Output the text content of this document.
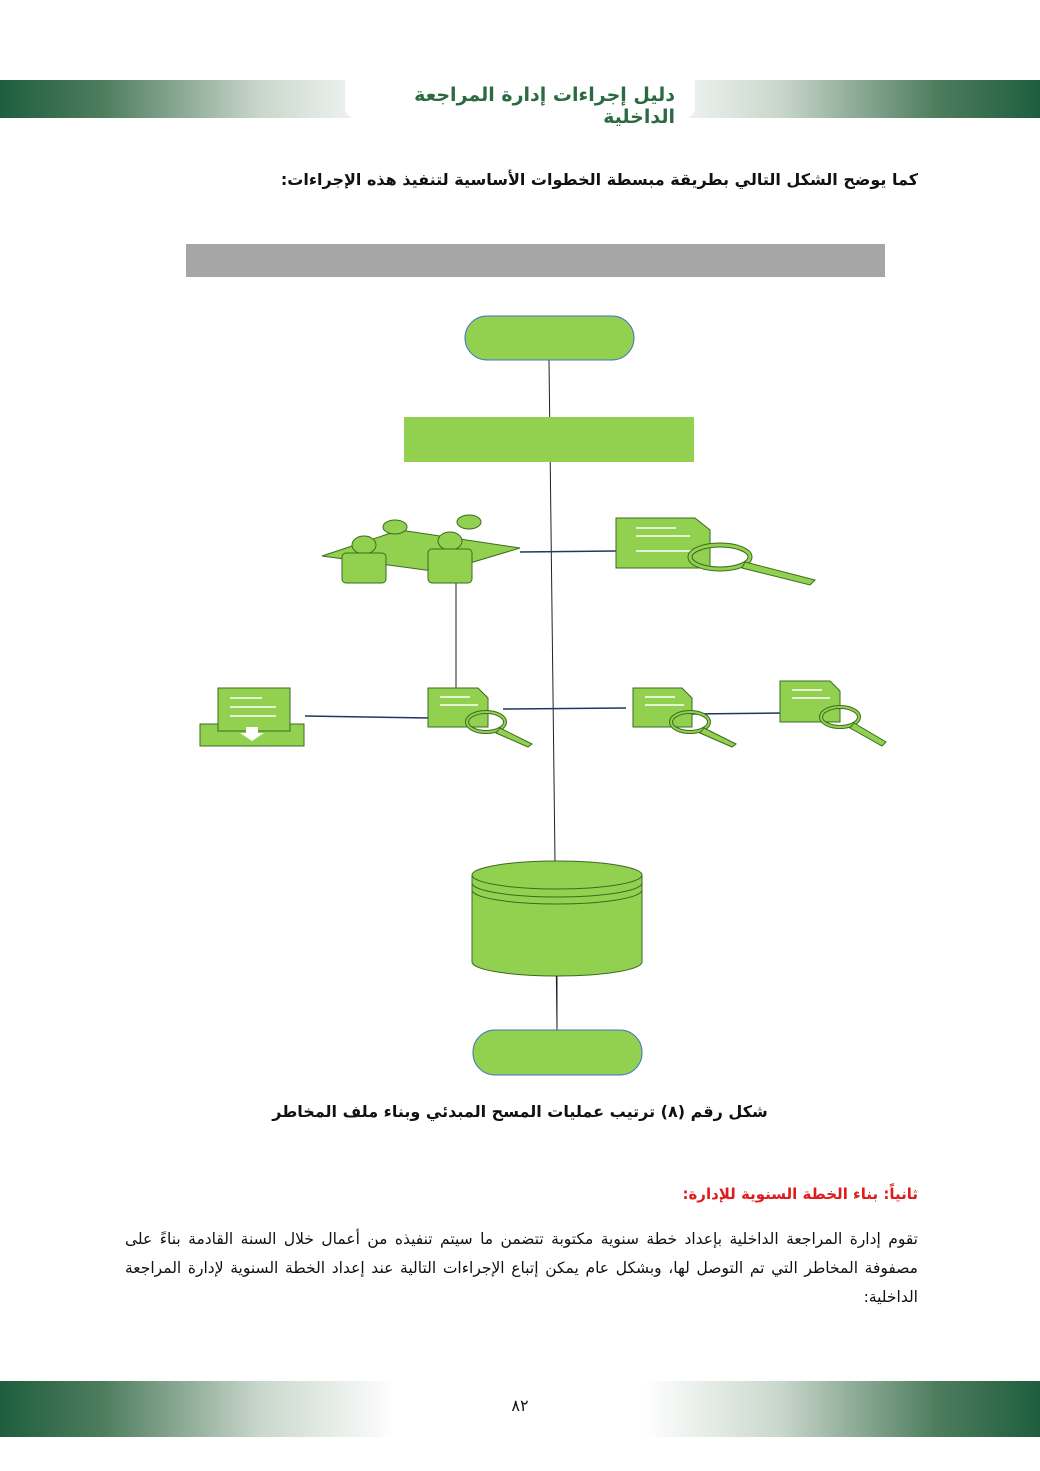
دليل إجراءات إدارة المراجعة الداخلية
كما يوضح الشكل التالي بطريقة مبسطة الخطوات الأساسية لتنفيذ هذه الإجراءات:
شكل رقم (٨) ترتيب عمليات المسح المبدئي وبناء ملف المخاطر
ثانياً: بناء الخطة السنوية للإدارة:
تقوم إدارة المراجعة الداخلية بإعداد خطة سنوية مكتوبة تتضمن ما سيتم تنفيذه من أعمال خلال السنة القادمة بناءً على مصفوفة المخاطر التي تم التوصل لها، وبشكل عام يمكن إتباع الإجراءات التالية عند إعداد الخطة السنوية لإدارة المراجعة الداخلية:
٨٢
